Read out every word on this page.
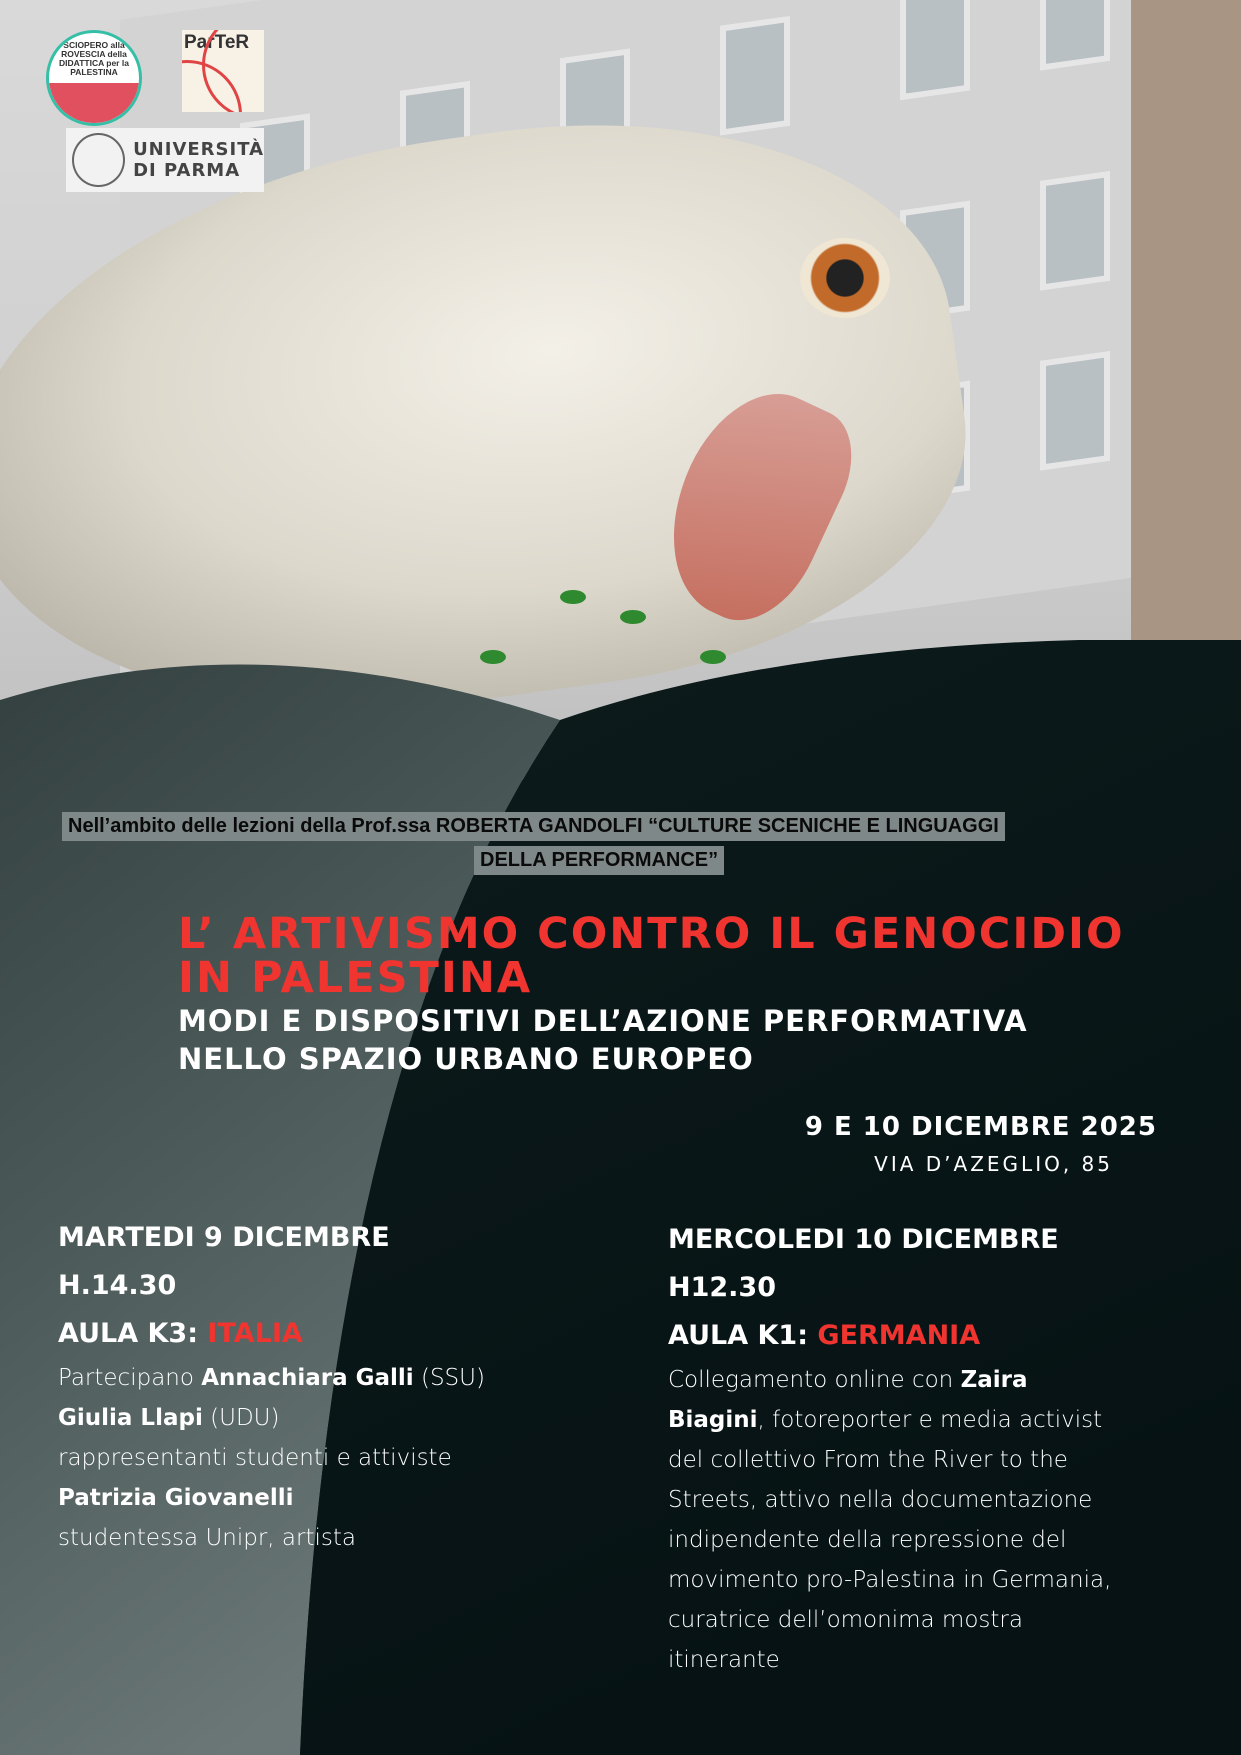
SCIOPERO alla ROVESCIA della DIDATTICA per la PALESTINA
ParTeR
UNIVERSITÀ
DI PARMA
Nell’ambito delle lezioni della Prof.ssa ROBERTA GANDOLFI “CULTURE SCENICHE E LINGUAGGI
DELLA PERFORMANCE”
L’ ARTIVISMO CONTRO IL GENOCIDIO
IN PALESTINA
MODI E DISPOSITIVI DELL’AZIONE PERFORMATIVA
NELLO SPAZIO URBANO EUROPEO
9 E 10 DICEMBRE 2025
VIA D’AZEGLIO, 85
MARTEDI 9 DICEMBRE
H.14.30
AULA K3: ITALIA

Partecipano Annachiara Galli (SSU)
Giulia Llapi (UDU)
rappresentanti studenti e attiviste
Patrizia Giovanelli
studentessa Unipr, artista

MERCOLEDI 10 DICEMBRE
H12.30
AULA K1: GERMANIA

Collegamento online con Zaira
Biagini, fotoreporter e media activist
del collettivo From the River to the
Streets, attivo nella documentazione
indipendente della repressione del
movimento pro-Palestina in Germania,
curatrice dell’omonima mostra
itinerante
